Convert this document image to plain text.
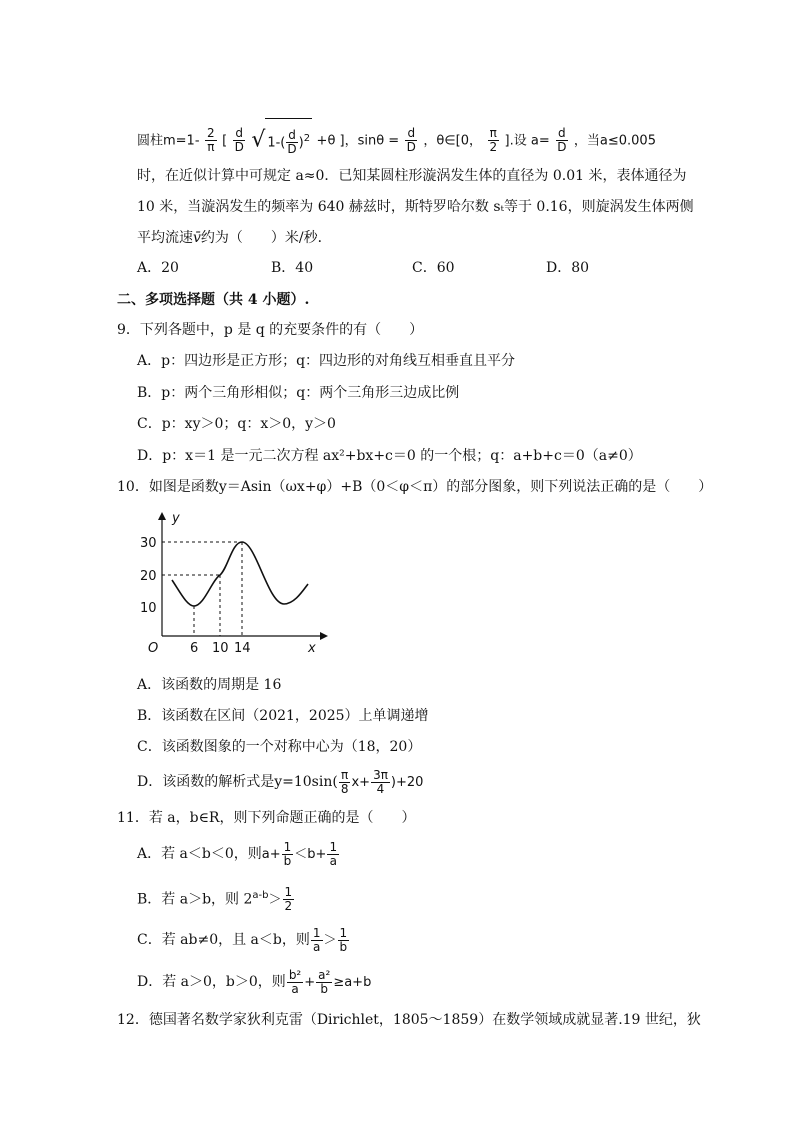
圆柱$m=1- \frac{2}{\pi}$ [ $\frac{d}{D}$ √ $1-( \frac{d}{D} )^2 +\theta$ ]，$\sin\theta = \frac{d}{D}$ ，θ∈[0， $\frac{\pi}{2}$ ].设 $a= \frac{d}{D}$ ，当a≤0.005
时，在近似计算中可规定 a≈0．已知某圆柱形漩涡发生体的直径为 0.01 米，表体通径为
10 米，当漩涡发生的频率为 640 赫兹时，斯特罗哈尔数 sₜ等于 0.16，则旋涡发生体两侧
平均流速v̄约为（　　）米/秒．
A．20	B．40	C．60	D．80
二、多项选择题（共 4 小题）.
9．下列各题中，p 是 q 的充要条件的有（　　）
A．p：四边形是正方形；q：四边形的对角线互相垂直且平分
B．p：两个三角形相似；q：两个三角形三边成比例
C．p：xy＞0；q：x＞0，y＞0
D．p：x＝1 是一元二次方程 ax²+bx+c＝0 的一个根；q：a+b+c＝0（a≠0）
10．如图是函数y＝Asin（ωx+φ）+B（0＜φ＜π）的部分图象，则下列说法正确的是（　　）
y
x
O
30
20
10
6 10 14
A．该函数的周期是 16
B．该函数在区间（2021，2025）上单调递增
C．该函数图象的一个对称中心为（18，20）
D．该函数的解析式是$y=10\sin( \frac{\pi}{8} x+ \frac{3\pi}{4} )+20$
11．若 a，b∈R，则下列命题正确的是（　　）
A．若 a＜b＜0，则$a+ \frac{1}{b} <b+ \frac{1}{a}$
B．若 a＞b，则 $2^{a-b}> \frac{1}{2}$
C．若 ab≠0，且 a＜b，则 $\frac{1}{a} > \frac{1}{b}$
D．若 a＞0，b＞0，则 $\frac{\text{b²}}{a} + \frac{\text{a²}}{b} \ge a+b$
12．德国著名数学家狄利克雷（Dirichlet，1805～1859）在数学领域成就显著.19 世纪，狄
